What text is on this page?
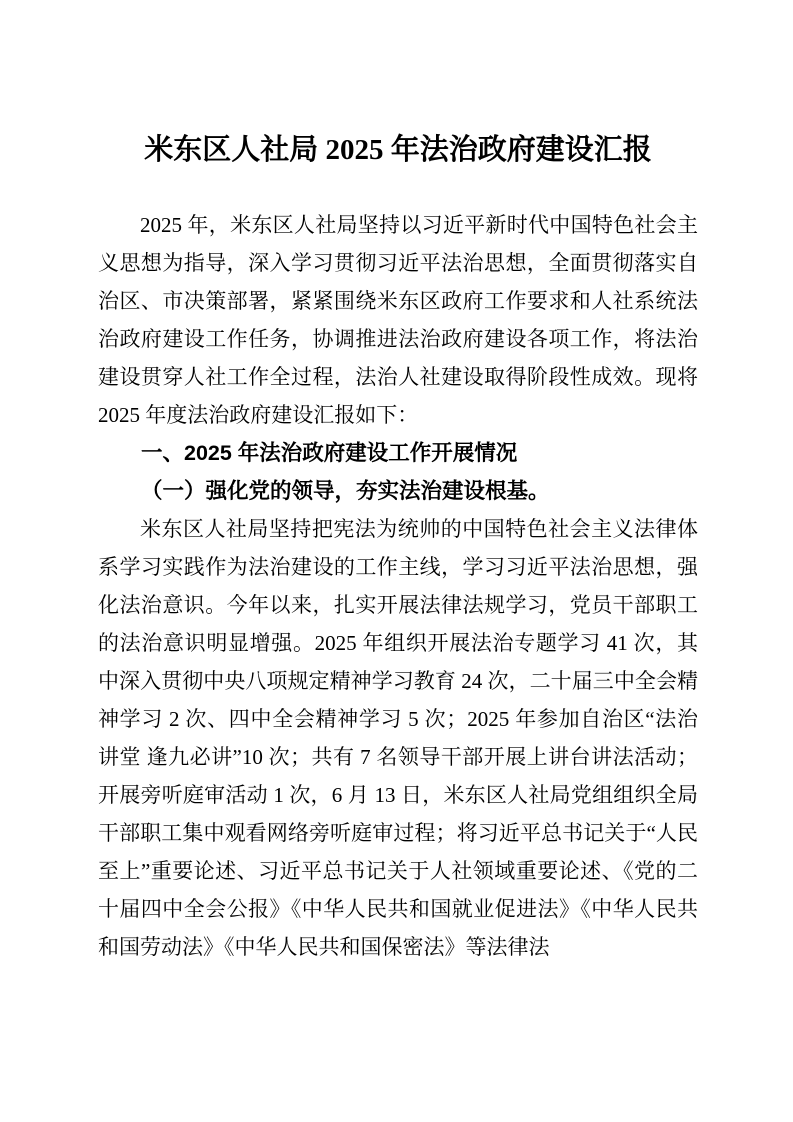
米东区人社局 2025 年法治政府建设汇报

2025 年，米东区人社局坚持以习近平新时代中国特色社会主义思想为指导，深入学习贯彻习近平法治思想，全面贯彻落实自治区、市决策部署，紧紧围绕米东区政府工作要求和人社系统法治政府建设工作任务，协调推进法治政府建设各项工作，将法治建设贯穿人社工作全过程，法治人社建设取得阶段性成效。现将 2025 年度法治政府建设汇报如下：

一、2025 年法治政府建设工作开展情况
（一）强化党的领导，夯实法治建设根基。

米东区人社局坚持把宪法为统帅的中国特色社会主义法律体系学习实践作为法治建设的工作主线，学习习近平法治思想，强化法治意识。今年以来，扎实开展法律法规学习，党员干部职工的法治意识明显增强。2025 年组织开展法治专题学习 41 次，其中深入贯彻中央八项规定精神学习教育 24 次，二十届三中全会精神学习 2 次、四中全会精神学习 5 次；2025 年参加自治区“法治讲堂 逢九必讲”10 次；共有 7 名领导干部开展上讲台讲法活动；开展旁听庭审活动 1 次，6 月 13 日，米东区人社局党组组织全局干部职工集中观看网络旁听庭审过程；将习近平总书记关于“人民至上”重要论述、习近平总书记关于人社领域重要论述、《党的二十届四中全会公报》《中华人民共和国就业促进法》《中华人民共和国劳动法》《中华人民共和国保密法》等法律法
